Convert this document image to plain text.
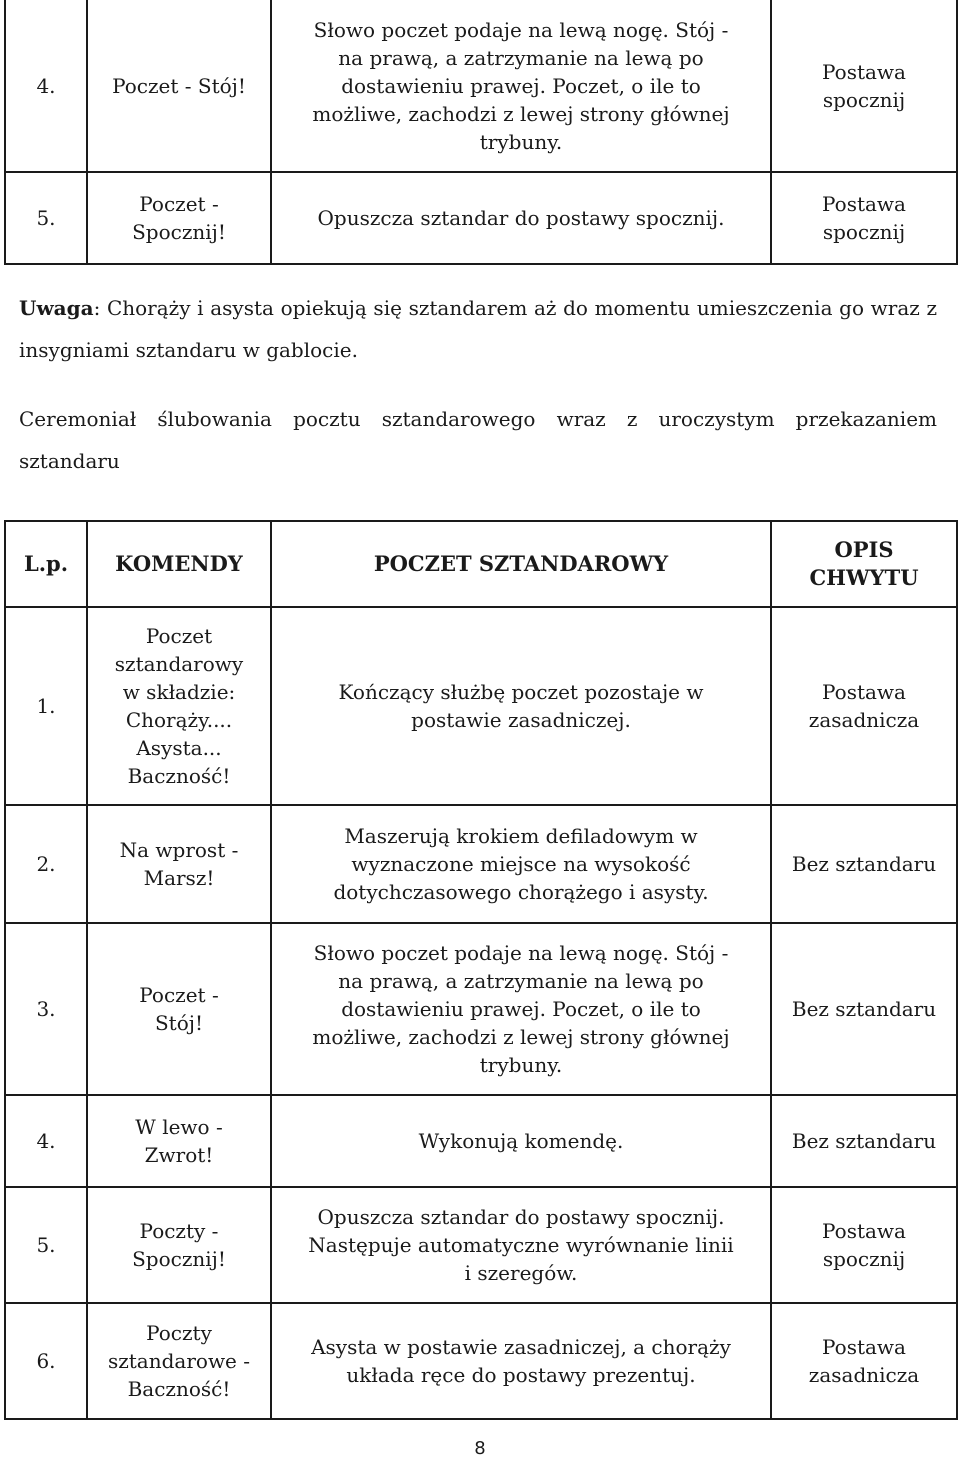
4.	Poczet - Stój!	Słowo poczet podaje na lewą nogę. Stój - na prawą, a zatrzymanie na lewą po dostawieniu prawej. Poczet, o ile to możliwe, zachodzi z lewej strony głównej trybuny.	Postawa spocznij
5.	Poczet - Spocznij!	Opuszcza sztandar do postawy spocznij.	Postawa spocznij

Uwaga: Chorąży i asysta opiekują się sztandarem aż do momentu umieszczenia go wraz z insygniami sztandaru w gablocie.

Ceremoniał ślubowania pocztu sztandarowego wraz z uroczystym przekazaniem sztandaru

L.p.	KOMENDY	POCZET SZTANDAROWY	OPIS CHWYTU
1.	Poczet sztandarowy w składzie: Chorąży.... Asysta... Baczność!	Kończący służbę poczet pozostaje w postawie zasadniczej.	Postawa zasadnicza
2.	Na wprost - Marsz!	Maszerują krokiem defiladowym w wyznaczone miejsce na wysokość dotychczasowego chorążego i asysty.	Bez sztandaru
3.	Poczet - Stój!	Słowo poczet podaje na lewą nogę. Stój - na prawą, a zatrzymanie na lewą po dostawieniu prawej. Poczet, o ile to możliwe, zachodzi z lewej strony głównej trybuny.	Bez sztandaru
4.	W lewo - Zwrot!	Wykonują komendę.	Bez sztandaru
5.	Poczty - Spocznij!	Opuszcza sztandar do postawy spocznij. Następuje automatyczne wyrównanie linii i szeregów.	Postawa spocznij
6.	Poczty sztandarowe - Baczność!	Asysta w postawie zasadniczej, a chorąży układa ręce do postawy prezentuj.	Postawa zasadnicza
8
